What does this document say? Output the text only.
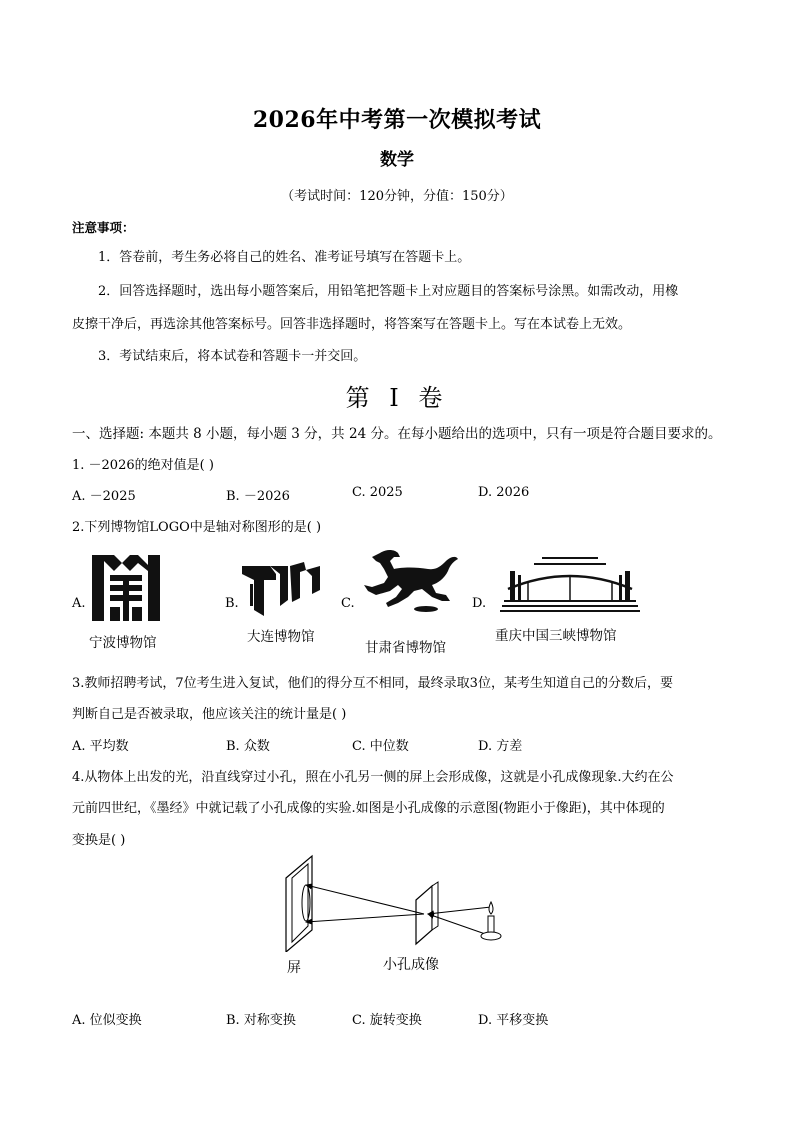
2026年中考第一次模拟考试
数学
（考试时间：120分钟，分值：150分）
注意事项：
1．答卷前，考生务必将自己的姓名、准考证号填写在答题卡上。
2．回答选择题时，选出每小题答案后，用铅笔把答题卡上对应题目的答案标号涂黑。如需改动，用橡
皮擦干净后，再选涂其他答案标号。回答非选择题时，将答案写在答题卡上。写在本试卷上无效。
3．考试结束后，将本试卷和答题卡一并交回。
第 I 卷
一、选择题: 本题共 8 小题，每小题 3 分，共 24 分。在每小题给出的选项中，只有一项是符合题目要求的。
1. －2026的绝对值是( )
A. －2025	B. －2026	C. 2025	D. 2026
2.下列博物馆LOGO中是轴对称图形的是( )
A.	B.	C.	D.
宁波博物馆	大连博物馆
甘肃省博物馆
重庆中国三峡博物馆
3.教师招聘考试，7位考生进入复试，他们的得分互不相同，最终录取3位，某考生知道自己的分数后，要
判断自己是否被录取，他应该关注的统计量是( )
A. 平均数	B. 众数	C. 中位数	D. 方差
4.从物体上出发的光，沿直线穿过小孔，照在小孔另一侧的屏上会形成像，这就是小孔成像现象.大约在公
元前四世纪，《墨经》中就记载了小孔成像的实验.如图是小孔成像的示意图(物距小于像距)，其中体现的
变换是( )
屏	小孔成像
A. 位似变换	B. 对称变换	C. 旋转变换	D. 平移变换
